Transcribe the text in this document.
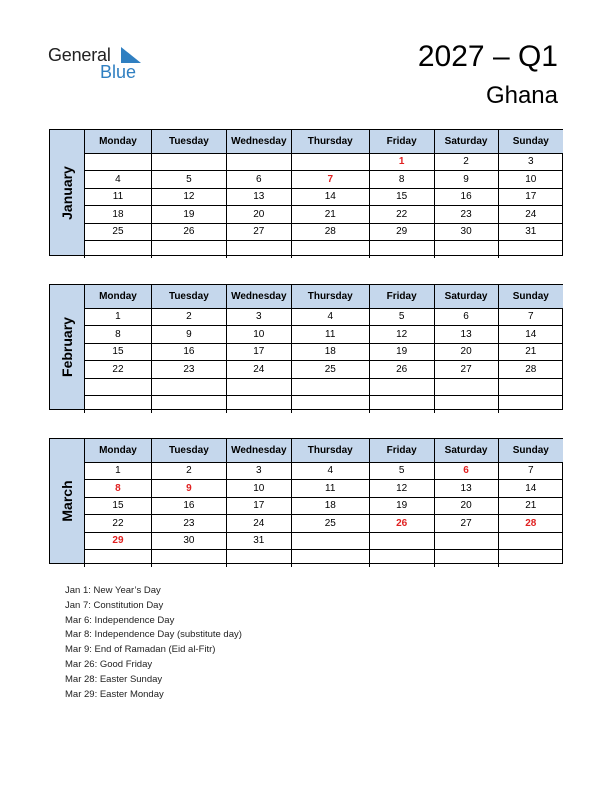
General
Blue	2027 – Q1
Ghana
January
Monday	Tuesday	Wednesday	Thursday	Friday	Saturday	Sunday
				1	2	3
4	5	6	7	8	9	10
11	12	13	14	15	16	17
18	19	20	21	22	23	24
25	26	27	28	29	30	31

February
Monday	Tuesday	Wednesday	Thursday	Friday	Saturday	Sunday
1	2	3	4	5	6	7
8	9	10	11	12	13	14
15	16	17	18	19	20	21
22	23	24	25	26	27	28

March
Monday	Tuesday	Wednesday	Thursday	Friday	Saturday	Sunday
1	2	3	4	5	6	7
8	9	10	11	12	13	14
15	16	17	18	19	20	21
22	23	24	25	26	27	28
29	30	31				

Jan 1: New Year’s Day
Jan 7: Constitution Day
Mar 6: Independence Day
Mar 8: Independence Day (substitute day)
Mar 9: End of Ramadan (Eid al-Fitr)
Mar 26: Good Friday
Mar 28: Easter Sunday
Mar 29: Easter Monday
